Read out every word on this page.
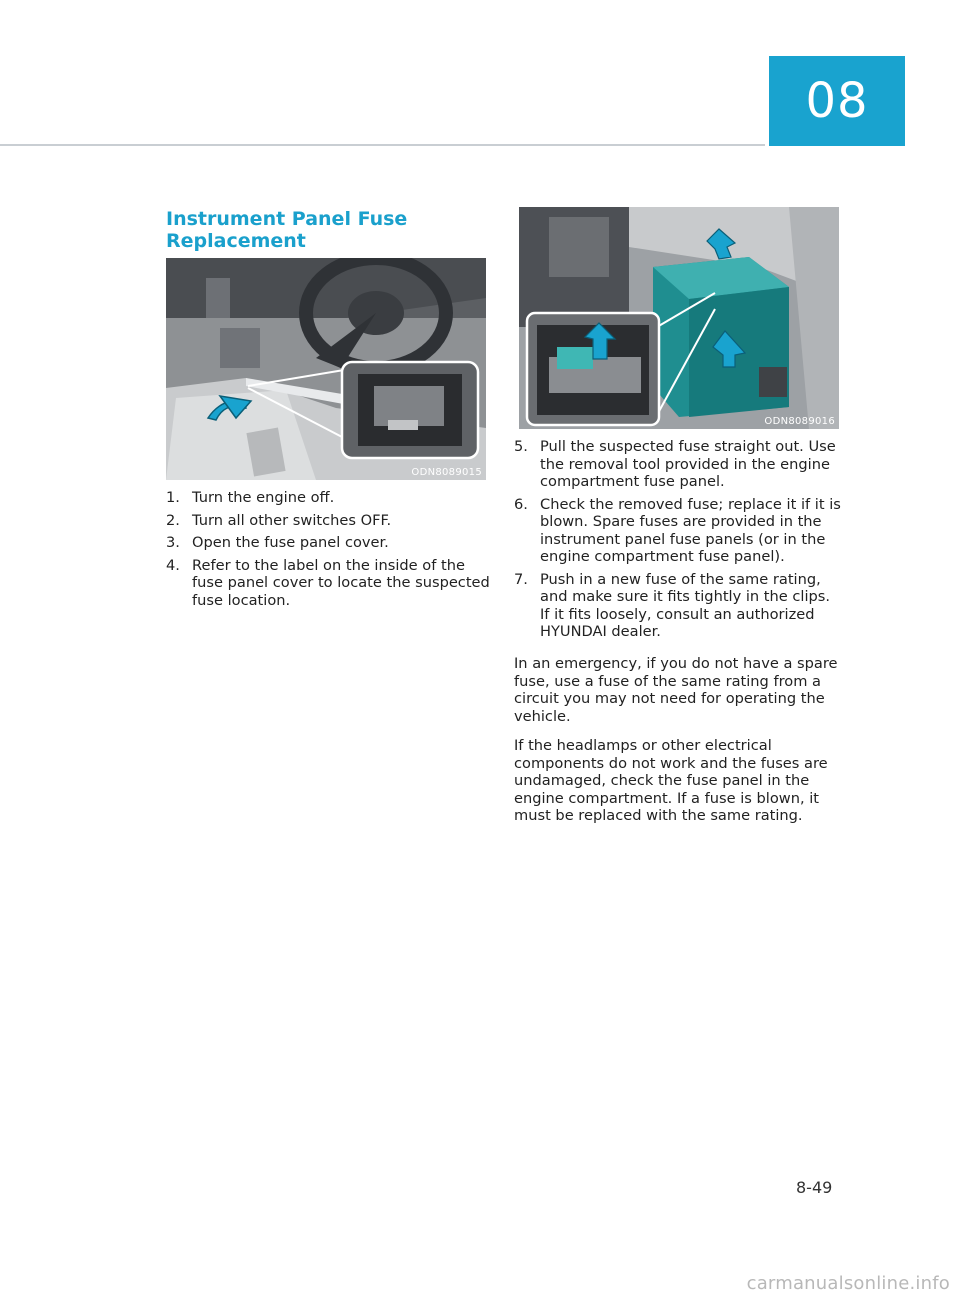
08
Instrument Panel Fuse
Replacement
ODN8089015
ODN8089016
1. Turn the engine off.
2. Turn all other switches OFF.
3. Open the fuse panel cover.
4. Refer to the label on the inside of the fuse panel cover to locate the suspected fuse location.
5. Pull the suspected fuse straight out. Use the removal tool provided in the engine compartment fuse panel.
6. Check the removed fuse; replace it if it is blown. Spare fuses are provided in the instrument panel fuse panels (or in the engine compartment fuse panel).
7. Push in a new fuse of the same rating, and make sure it fits tightly in the clips. If it fits loosely, consult an authorized HYUNDAI dealer.

In an emergency, if you do not have a spare fuse, use a fuse of the same rating from a circuit you may not need for operating the vehicle.

If the headlamps or other electrical components do not work and the fuses are undamaged, check the fuse panel in the engine compartment. If a fuse is blown, it must be replaced with the same rating.

8-49
carmanualsonline.info
